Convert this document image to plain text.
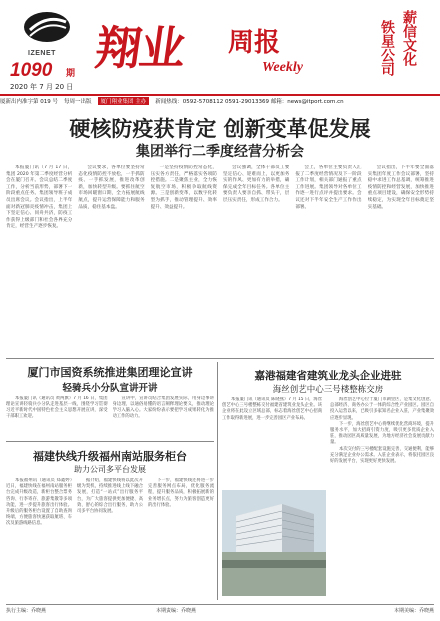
IZENET
1090 期
2020 年 7 月 20 日
翔业 周报
Weekly
薪信文化
铁星公司
厦新出内准字第 019 号 每周一出版	厦门翔业集团 主办	新闻热线：0592-5708112 0591-29013369 邮箱：news@itport.com.cn
硬核防疫获肯定 创新变革促发展
集团举行二季度经营分析会

本报厦门讯（7 月 17 日，集团 2020 年第二季度经营分析会在厦门召开。会议总结二季度工作，分析当前形势，部署下一阶段重点任务。集团领导班子成员出席会议。会议指出，上半年面对新冠肺炎疫情冲击，集团上下坚定信心、同舟共济，防疫工作获得上级部门和社会各界充分肯定，经营生产逐步恢复。

会议要求，各单位要坚持常态化疫情防控不放松，一手抓防疫、一手抓发展，推进改革创新，加快转型升级。要抓住航空市场回暖窗口期，全力拓展航线航点，提升运营保障能力和服务品质，稳住基本盘。

一是坚持疫情防控常态化，压实各方责任，严格落实各项防控措施。二是聚焦主业，全力恢复航空市场，积极争取航线资源。三是创新变革，以数字化转型为抓手，推动管理提升、效率提升、效益提升。

会议强调，全体干部员工要坚定信心、迎难而上，以更加务实的作风、更加有力的举措，确保完成全年目标任务。各单位主要负责人要亲自抓、带头干，层层压实责任，形成工作合力。

会上，各单位主要负责人汇报了二季度经营情况及下一阶段工作计划，相关部门通报了重点工作进展。集团领导对各单位工作逐一进行点评并提出要求。会议还对下半年安全生产工作作出部署。

会议指出，下半年要全面落实集团年度工作会议部署，坚持稳中求进工作总基调，统筹推进疫情防控和经营发展，加快推进重点项目建设，确保安全形势持续稳定，为实现全年目标奠定坚实基础。

厦门市国资系统推进集团理论宣讲
轻骑兵小分队宣讲开讲

本报厦门讯（通讯员 黄两旗）7 月 16 日，集团理论宣讲轻骑兵小分队走进基层一线，围绕学习贯彻习近平新时代中国特色社会主义思想开展宣讲，深受干部职工欢迎。

宣讲中，宣讲员结合集团发展实际，用身边事讲身边理，以通俗易懂的语言阐释理论要义，推动理论学习入脑入心。大家纷纷表示要把学习成果转化为推动工作的动力。

福建快线升级福州南站服务柜台
助力公司多平台发展

本报福州讯（通讯员 郑鑫婷）近日，福建快线在福州南站服务柜台完成升级改造，新柜台整合票务咨询、行李寄存、旅游集散等多项功能，进一步提升旅客出行体验。升级后的服务柜台设置了自助查询终端，方便旅客快速获取航班、车次及旅游线路信息。

据介绍，福建快线将以此次升级为契机，持续推进线上线下融合发展，打造“一站式”出行服务平台，为广大旅客提供更加便捷、高效、舒心的综合出行服务，助力公司多平台协同发展。

下一步，福建快线还将进一步完善服务网点布局，优化服务流程，提升服务品质，积极拓展新的业务增长点，努力为旅客创造更好的出行体验。

嘉港福建省建筑业龙头企业进驻
海丝创艺中心三号楼整栋交房

本报厦门讯（通讯员 陈晓燕）7 月 15 日，海丝创艺中心三号楼整栋交付福建省建筑业龙头企业。该企业将在此设立区域总部，标志着海丝创艺中心招商工作取得新进展，进一步完善园区产业布局。

海丝创艺中心位于厦门市湖里区，是集文化创意、总部经济、商务办公于一体的综合性产业园区。园区自投入运营以来，已吸引多家知名企业入驻，产业集聚效应逐步显现。

下一步，海丝创艺中心将继续优化营商环境，提升服务水平，加大招商引资力度，吸引更多优质企业入驻，推动园区高质量发展，为地方经济社会发展贡献力量。

本次交付的三号楼配套设施完善，交通便利，能够充分满足企业办公需求。入驻企业表示，将依托园区良好的发展平台，实现更好更快发展。

执行主编：乔晓燕	本期责编：乔晓燕	本期美编：乔晓燕
